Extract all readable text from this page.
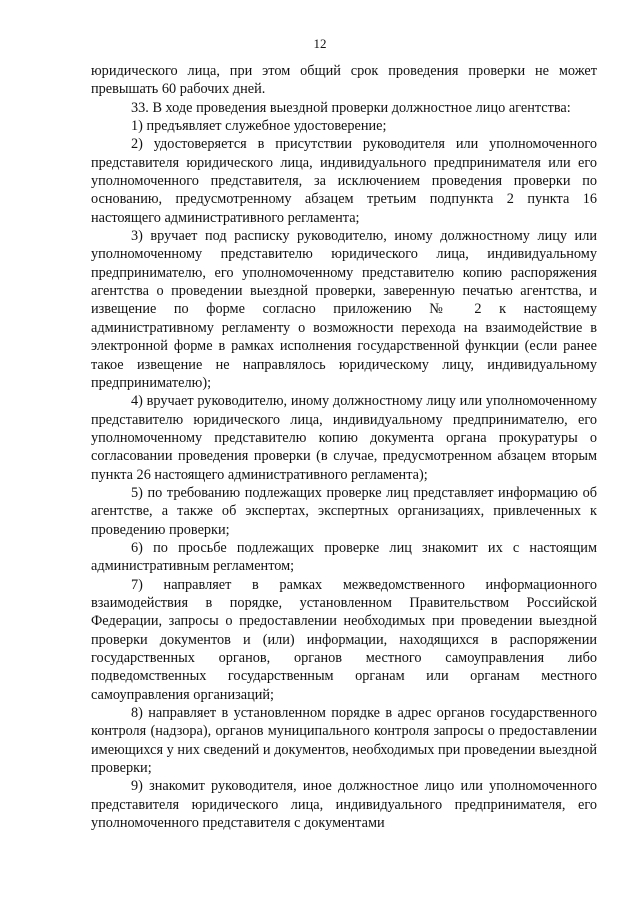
12

юридического лица, при этом общий срок проведения проверки не может превышать 60 рабочих дней.

33. В ходе проведения выездной проверки должностное лицо агентства:

1) предъявляет служебное удостоверение;

2) удостоверяется в присутствии руководителя или уполномоченного представителя юридического лица, индивидуального предпринимателя или его уполномоченного представителя, за исключением проведения проверки по основанию, предусмотренному абзацем третьим подпункта 2 пункта 16 настоящего административного регламента;

3) вручает под расписку руководителю, иному должностному лицу или уполномоченному представителю юридического лица, индивидуальному предпринимателю, его уполномоченному представителю копию распоряжения агентства о проведении выездной проверки, заверенную печатью агентства, и извещение по форме согласно приложению № 2 к настоящему административному регламенту о возможности перехода на взаимодействие в электронной форме в рамках исполнения государственной функции (если ранее такое извещение не направлялось юридическому лицу, индивидуальному предпринимателю);

4) вручает руководителю, иному должностному лицу или уполномоченному представителю юридического лица, индивидуальному предпринимателю, его уполномоченному представителю копию документа органа прокуратуры о согласовании проведения проверки (в случае, предусмотренном абзацем вторым пункта 26 настоящего административного регламента);

5) по требованию подлежащих проверке лиц представляет информацию об агентстве, а также об экспертах, экспертных организациях, привлеченных к проведению проверки;

6) по просьбе подлежащих проверке лиц знакомит их с настоящим административным регламентом;

7) направляет в рамках межведомственного информационного взаимодействия в порядке, установленном Правительством Российской Федерации, запросы о предоставлении необходимых при проведении выездной проверки документов и (или) информации, находящихся в распоряжении государственных органов, органов местного самоуправления либо подведомственных государственным органам или органам местного самоуправления организаций;

8) направляет в установленном порядке в адрес органов государственного контроля (надзора), органов муниципального контроля запросы о предоставлении имеющихся у них сведений и документов, необходимых при проведении выездной проверки;

9) знакомит руководителя, иное должностное лицо или уполномоченного представителя юридического лица, индивидуального предпринимателя, его уполномоченного представителя с документами
